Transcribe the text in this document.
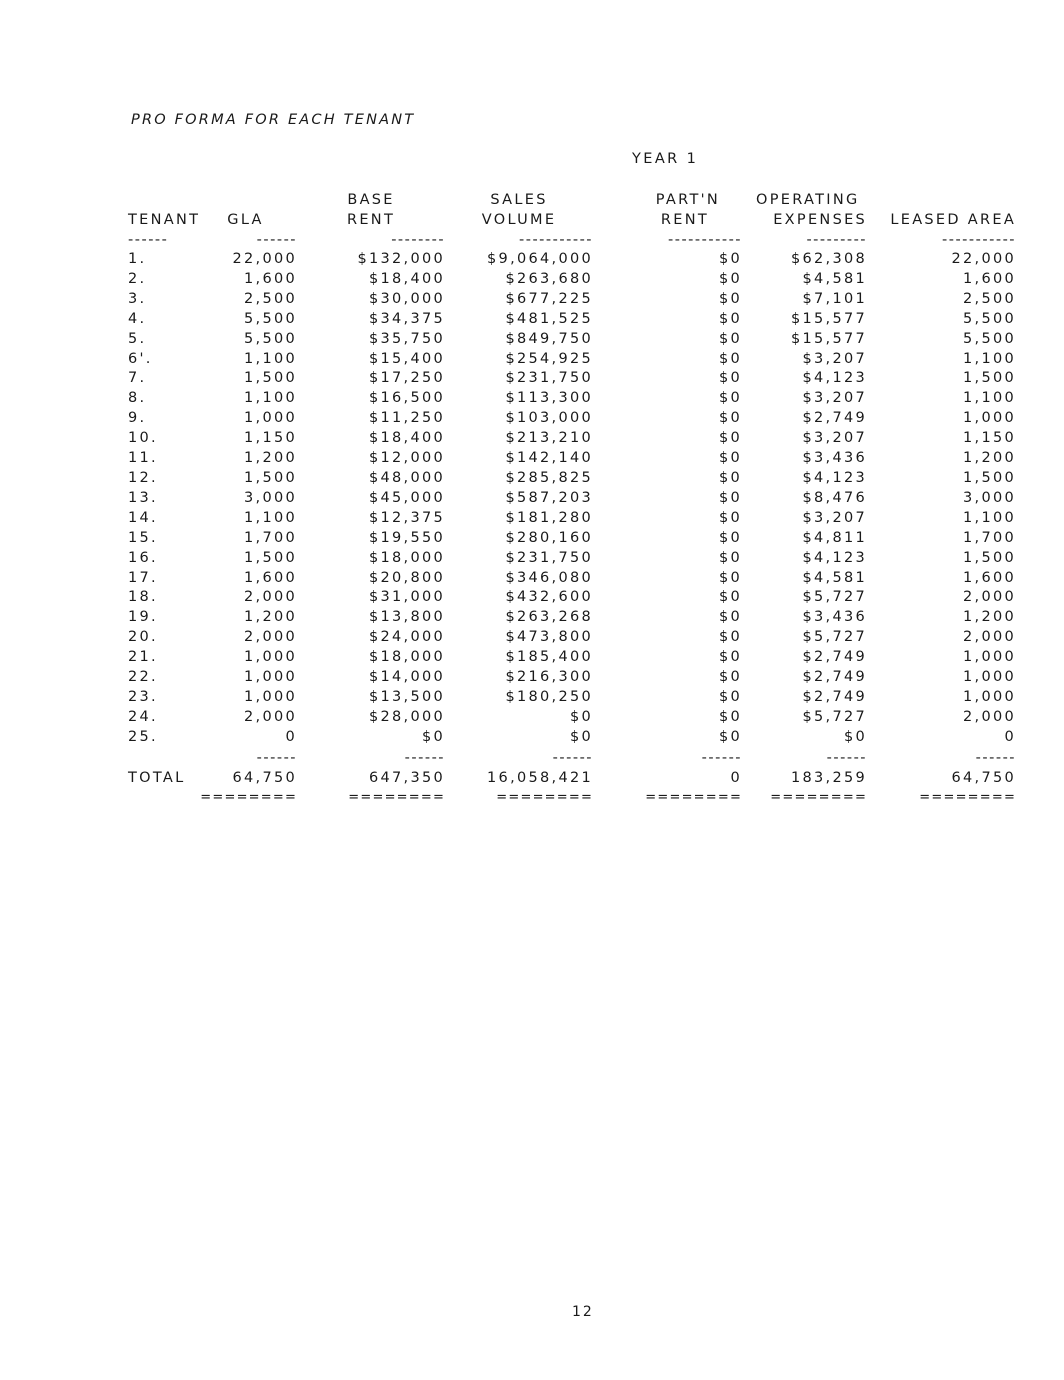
PRO FORMA FOR EACH TENANT
YEAR 1
		BASE	SALES	PART'N	OPERATING	
TENANT	GLA	RENT	VOLUME	RENT	EXPENSES	LEASED AREA
------	------	--------	-----------	-----------	---------	-----------
1.	22,000	$132,000	$9,064,000	$0	$62,308	22,000
2.	1,600	$18,400	$263,680	$0	$4,581	1,600
3.	2,500	$30,000	$677,225	$0	$7,101	2,500
4.	5,500	$34,375	$481,525	$0	$15,577	5,500
5.	5,500	$35,750	$849,750	$0	$15,577	5,500
6'.	1,100	$15,400	$254,925	$0	$3,207	1,100
7.	1,500	$17,250	$231,750	$0	$4,123	1,500
8.	1,100	$16,500	$113,300	$0	$3,207	1,100
9.	1,000	$11,250	$103,000	$0	$2,749	1,000
10.	1,150	$18,400	$213,210	$0	$3,207	1,150
11.	1,200	$12,000	$142,140	$0	$3,436	1,200
12.	1,500	$48,000	$285,825	$0	$4,123	1,500
13.	3,000	$45,000	$587,203	$0	$8,476	3,000
14.	1,100	$12,375	$181,280	$0	$3,207	1,100
15.	1,700	$19,550	$280,160	$0	$4,811	1,700
16.	1,500	$18,000	$231,750	$0	$4,123	1,500
17.	1,600	$20,800	$346,080	$0	$4,581	1,600
18.	2,000	$31,000	$432,600	$0	$5,727	2,000
19.	1,200	$13,800	$263,268	$0	$3,436	1,200
20.	2,000	$24,000	$473,800	$0	$5,727	2,000
21.	1,000	$18,000	$185,400	$0	$2,749	1,000
22.	1,000	$14,000	$216,300	$0	$2,749	1,000
23.	1,000	$13,500	$180,250	$0	$2,749	1,000
24.	2,000	$28,000	$0	$0	$5,727	2,000
25.	0	$0	$0	$0	$0	0
	------	------	------	------	------	------
TOTAL	64,750	647,350	16,058,421	0	183,259	64,750
	========	========	========	========	========	========
12
